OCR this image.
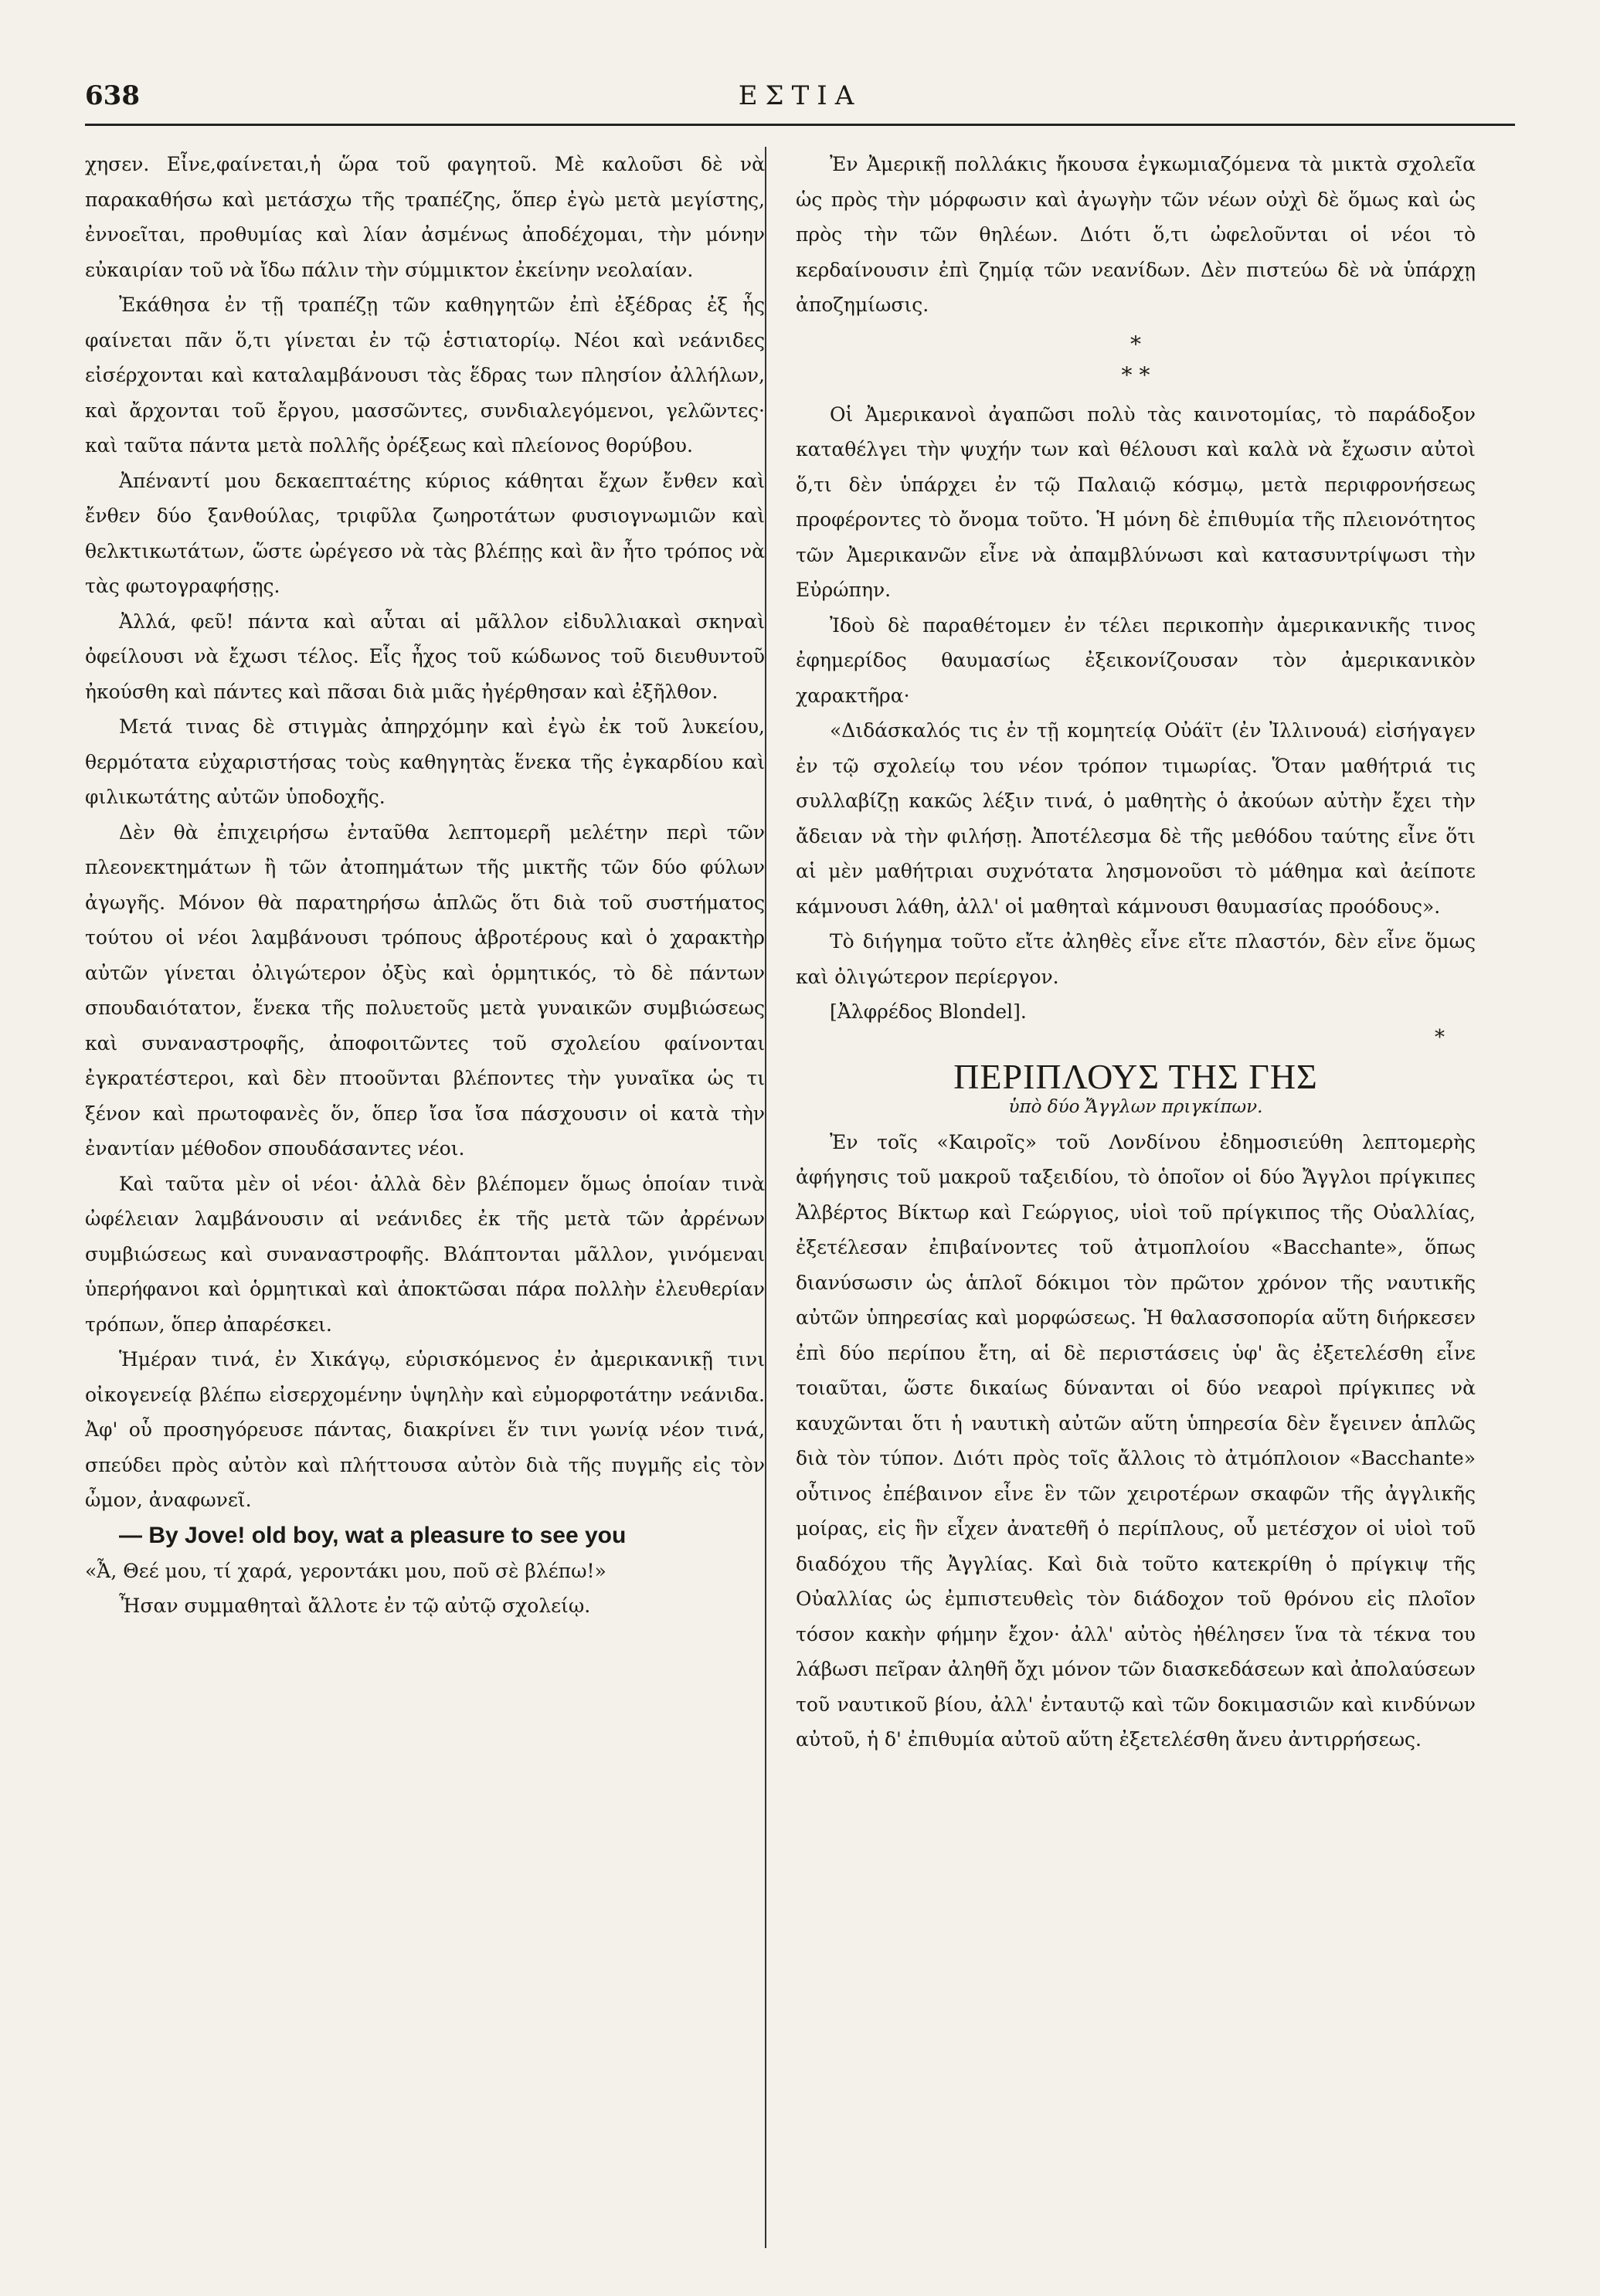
638	ΕΣΤΙΑ

χησεν. Εἶνε,φαίνεται,ἡ ὥρα τοῦ φαγητοῦ. Μὲ καλοῦσι δὲ νὰ παρακαθήσω καὶ μετάσχω τῆς τραπέζης, ὅπερ ἐγὼ μετὰ μεγίστης, ἐννοεῖται, προθυμίας καὶ λίαν ἀσμένως ἀποδέχομαι, τὴν μόνην εὐκαιρίαν τοῦ νὰ ἴδω πάλιν τὴν σύμμικτον ἐκείνην νεολαίαν.

Ἐκάθησα ἐν τῇ τραπέζῃ τῶν καθηγητῶν ἐπὶ ἐξέδρας ἐξ ἧς φαίνεται πᾶν ὅ,τι γίνεται ἐν τῷ ἑστιατορίῳ. Νέοι καὶ νεάνιδες εἰσέρχονται καὶ καταλαμβάνουσι τὰς ἕδρας των πλησίον ἀλλήλων, καὶ ἄρχονται τοῦ ἔργου, μασσῶντες, συνδιαλεγόμενοι, γελῶντες· καὶ ταῦτα πάντα μετὰ πολλῆς ὀρέξεως καὶ πλείονος θορύβου.

Ἀπέναντί μου δεκαεπταέτης κύριος κάθηται ἔχων ἔνθεν καὶ ἔνθεν δύο ξανθούλας, τριφῦλα ζωηροτάτων φυσιογνωμιῶν καὶ θελκτικωτάτων, ὥστε ὠρέγεσο νὰ τὰς βλέπῃς καὶ ἂν ἦτο τρόπος νὰ τὰς φωτογραφήσῃς.

Ἀλλά, φεῦ! πάντα καὶ αὗται αἱ μᾶλλον εἰδυλλιακαὶ σκηναὶ ὀφείλουσι νὰ ἔχωσι τέλος. Εἷς ἦχος τοῦ κώδωνος τοῦ διευθυντοῦ ἠκούσθη καὶ πάντες καὶ πᾶσαι διὰ μιᾶς ἠγέρθησαν καὶ ἐξῆλθον.

Μετά τινας δὲ στιγμὰς ἀπηρχόμην καὶ ἐγὼ ἐκ τοῦ λυκείου, θερμότατα εὐχαριστήσας τοὺς καθηγητὰς ἕνεκα τῆς ἐγκαρδίου καὶ φιλικωτάτης αὐτῶν ὑποδοχῆς.

Δὲν θὰ ἐπιχειρήσω ἐνταῦθα λεπτομερῆ μελέτην περὶ τῶν πλεονεκτημάτων ἢ τῶν ἀτοπημάτων τῆς μικτῆς τῶν δύο φύλων ἀγωγῆς. Μόνον θὰ παρατηρήσω ἁπλῶς ὅτι διὰ τοῦ συστήματος τούτου οἱ νέοι λαμβάνουσι τρόπους ἁβροτέρους καὶ ὁ χαρακτὴρ αὐτῶν γίνεται ὀλιγώτερον ὀξὺς καὶ ὁρμητικός, τὸ δὲ πάντων σπουδαιότατον, ἕνεκα τῆς πολυετοῦς μετὰ γυναικῶν συμβιώσεως καὶ συναναστροφῆς, ἀποφοιτῶντες τοῦ σχολείου φαίνονται ἐγκρατέστεροι, καὶ δὲν πτοοῦνται βλέποντες τὴν γυναῖκα ὡς τι ξένον καὶ πρωτοφανὲς ὅν, ὅπερ ἴσα ἴσα πάσχουσιν οἱ κατὰ τὴν ἐναντίαν μέθοδον σπουδάσαντες νέοι.

Καὶ ταῦτα μὲν οἱ νέοι· ἀλλὰ δὲν βλέπομεν ὅμως ὁποίαν τινὰ ὠφέλειαν λαμβάνουσιν αἱ νεάνιδες ἐκ τῆς μετὰ τῶν ἀρρένων συμβιώσεως καὶ συναναστροφῆς. Βλάπτονται μᾶλλον, γινόμεναι ὑπερήφανοι καὶ ὁρμητικαὶ καὶ ἀποκτῶσαι πάρα πολλὴν ἐλευθερίαν τρόπων, ὅπερ ἀπαρέσκει.

Ἡμέραν τινά, ἐν Χικάγῳ, εὑρισκόμενος ἐν ἀμερικανικῇ τινι οἰκογενείᾳ βλέπω εἰσερχομένην ὑψηλὴν καὶ εὐμορφοτάτην νεάνιδα. Ἀφ' οὗ προσηγόρευσε πάντας, διακρίνει ἕν τινι γωνίᾳ νέον τινά, σπεύδει πρὸς αὐτὸν καὶ πλήττουσα αὐτὸν διὰ τῆς πυγμῆς εἰς τὸν ὦμον, ἀναφωνεῖ.

— By Jove! old boy, wat a pleasure to see you

«Ἆ, Θεέ μου, τί χαρά, γεροντάκι μου, ποῦ σὲ βλέπω!»

Ἦσαν συμμαθηταὶ ἄλλοτε ἐν τῷ αὐτῷ σχολείῳ.

Ἐν Ἀμερικῇ πολλάκις ἤκουσα ἐγκωμιαζόμενα τὰ μικτὰ σχολεῖα ὡς πρὸς τὴν μόρφωσιν καὶ ἀγωγὴν τῶν νέων οὐχὶ δὲ ὅμως καὶ ὡς πρὸς τὴν τῶν θηλέων. Διότι ὅ,τι ὠφελοῦνται οἱ νέοι τὸ κερδαίνουσιν ἐπὶ ζημίᾳ τῶν νεανίδων. Δὲν πιστεύω δὲ νὰ ὑπάρχῃ ἀποζημίωσις.

*
* *

Οἱ Ἀμερικανοὶ ἀγαπῶσι πολὺ τὰς καινοτομίας, τὸ παράδοξον καταθέλγει τὴν ψυχήν των καὶ θέλουσι καὶ καλὰ νὰ ἔχωσιν αὐτοὶ ὅ,τι δὲν ὑπάρχει ἐν τῷ Παλαιῷ κόσμῳ, μετὰ περιφρονήσεως προφέροντες τὸ ὄνομα τοῦτο. Ἡ μόνη δὲ ἐπιθυμία τῆς πλειονότητος τῶν Ἀμερικανῶν εἶνε νὰ ἀπαμβλύνωσι καὶ κατασυντρίψωσι τὴν Εὐρώπην.

Ἰδοὺ δὲ παραθέτομεν ἐν τέλει περικοπὴν ἀμερικανικῆς τινος ἐφημερίδος θαυμασίως ἐξεικονίζουσαν τὸν ἀμερικανικὸν χαρακτῆρα·

«Διδάσκαλός τις ἐν τῇ κομητείᾳ Οὐάϊτ (ἐν Ἰλλινουά) εἰσήγαγεν ἐν τῷ σχολείῳ του νέον τρόπον τιμωρίας. Ὅταν μαθήτριά τις συλλαβίζῃ κακῶς λέξιν τινά, ὁ μαθητὴς ὁ ἀκούων αὐτὴν ἔχει τὴν ἄδειαν νὰ τὴν φιλήσῃ. Ἀποτέλεσμα δὲ τῆς μεθόδου ταύτης εἶνε ὅτι αἱ μὲν μαθήτριαι συχνότατα λησμονοῦσι τὸ μάθημα καὶ ἀείποτε κάμνουσι λάθη, ἀλλ' οἱ μαθηταὶ κάμνουσι θαυμασίας προόδους».

Τὸ διήγημα τοῦτο εἴτε ἀληθὲς εἶνε εἴτε πλαστόν, δὲν εἶνε ὅμως καὶ ὀλιγώτερον περίεργον.

[Ἀλφρέδος Blondel].
*
ΠΕΡΙΠΛΟΥΣ ΤΗΣ ΓΗΣ
ὑπὸ δύο Ἄγγλων πριγκίπων.

Ἐν τοῖς «Καιροῖς» τοῦ Λονδίνου ἐδημοσιεύθη λεπτομερὴς ἀφήγησις τοῦ μακροῦ ταξειδίου, τὸ ὁποῖον οἱ δύο Ἄγγλοι πρίγκιπες Ἀλβέρτος Βίκτωρ καὶ Γεώργιος, υἱοὶ τοῦ πρίγκιπος τῆς Οὐαλλίας, ἐξετέλεσαν ἐπιβαίνοντες τοῦ ἀτμοπλοίου «Bacchante», ὅπως διανύσωσιν ὡς ἁπλοῖ δόκιμοι τὸν πρῶτον χρόνον τῆς ναυτικῆς αὐτῶν ὑπηρεσίας καὶ μορφώσεως. Ἡ θαλασσοπορία αὕτη διήρκεσεν ἐπὶ δύο περίπου ἔτη, αἱ δὲ περιστάσεις ὑφ' ἃς ἐξετελέσθη εἶνε τοιαῦται, ὥστε δικαίως δύνανται οἱ δύο νεαροὶ πρίγκιπες νὰ καυχῶνται ὅτι ἡ ναυτικὴ αὐτῶν αὕτη ὑπηρεσία δὲν ἔγεινεν ἁπλῶς διὰ τὸν τύπον. Διότι πρὸς τοῖς ἄλλοις τὸ ἀτμόπλοιον «Bacchante» οὗτινος ἐπέβαινον εἶνε ἓν τῶν χειροτέρων σκαφῶν τῆς ἀγγλικῆς μοίρας, εἰς ἣν εἶχεν ἀνατεθῆ ὁ περίπλους, οὗ μετέσχον οἱ υἱοὶ τοῦ διαδόχου τῆς Ἀγγλίας. Καὶ διὰ τοῦτο κατεκρίθη ὁ πρίγκιψ τῆς Οὐαλλίας ὡς ἐμπιστευθεὶς τὸν διάδοχον τοῦ θρόνου εἰς πλοῖον τόσον κακὴν φήμην ἔχον· ἀλλ' αὐτὸς ἠθέλησεν ἵνα τὰ τέκνα του λάβωσι πεῖραν ἀληθῆ ὄχι μόνον τῶν διασκεδάσεων καὶ ἀπολαύσεων τοῦ ναυτικοῦ βίου, ἀλλ' ἐνταυτῷ καὶ τῶν δοκιμασιῶν καὶ κινδύνων αὐτοῦ, ἡ δ' ἐπιθυμία αὐτοῦ αὕτη ἐξετελέσθη ἄνευ ἀντιρρήσεως.
